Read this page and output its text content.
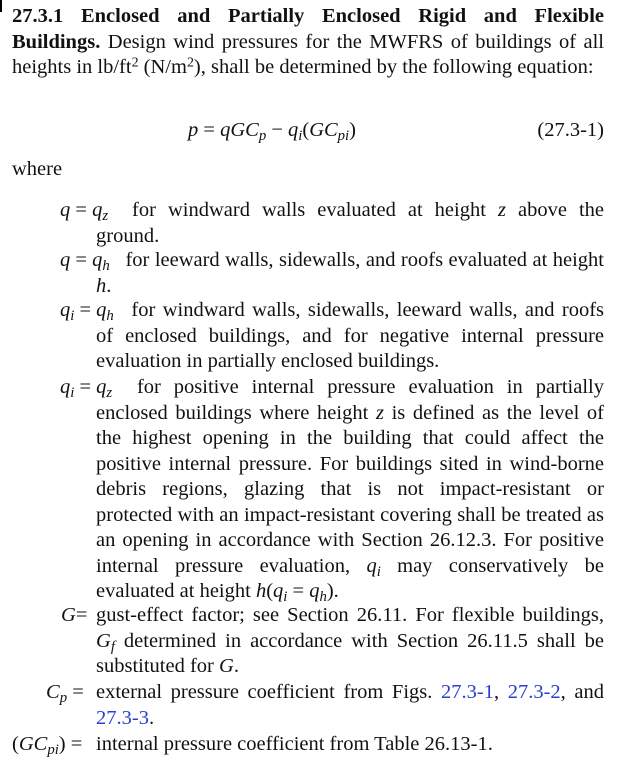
27.3.1 Enclosed and Partially Enclosed Rigid and Flexible Buildings. Design wind pressures for the MWFRS of buildings of all heights in $lb/ft^2$ $(N/m^2)$, shall be determined by the following equation:
$p = qGC_p - q_i(GC_{pi})$	(27.3-1)
where
$q = q_z$ for windward walls evaluated at height z above the ground.
$q = q_h$ for leeward walls, sidewalls, and roofs evaluated at height h.
$q_i = q_h$ for windward walls, sidewalls, leeward walls, and roofs of enclosed buildings, and for negative internal pressure evaluation in partially enclosed buildings.
$q_i = q_z$ for positive internal pressure evaluation in partially enclosed buildings where height z is defined as the level of the highest opening in the building that could affect the positive internal pressure. For buildings sited in wind-borne debris regions, glazing that is not impact-resistant or protected with an impact-resistant covering shall be treated as an opening in accordance with Section 26.12.3. For positive internal pressure evaluation, $q_i$ may conservatively be evaluated at height $h(q_i = q_h)$.
G= gust-effect factor; see Section 26.11. For flexible buildings, $G_f$ determined in accordance with Section 26.11.5 shall be substituted for G.
$C_p$ = external pressure coefficient from Figs. 27.3-1, 27.3-2, and 27.3-3.
$(GC_{pi})$ = internal pressure coefficient from Table 26.13-1.
